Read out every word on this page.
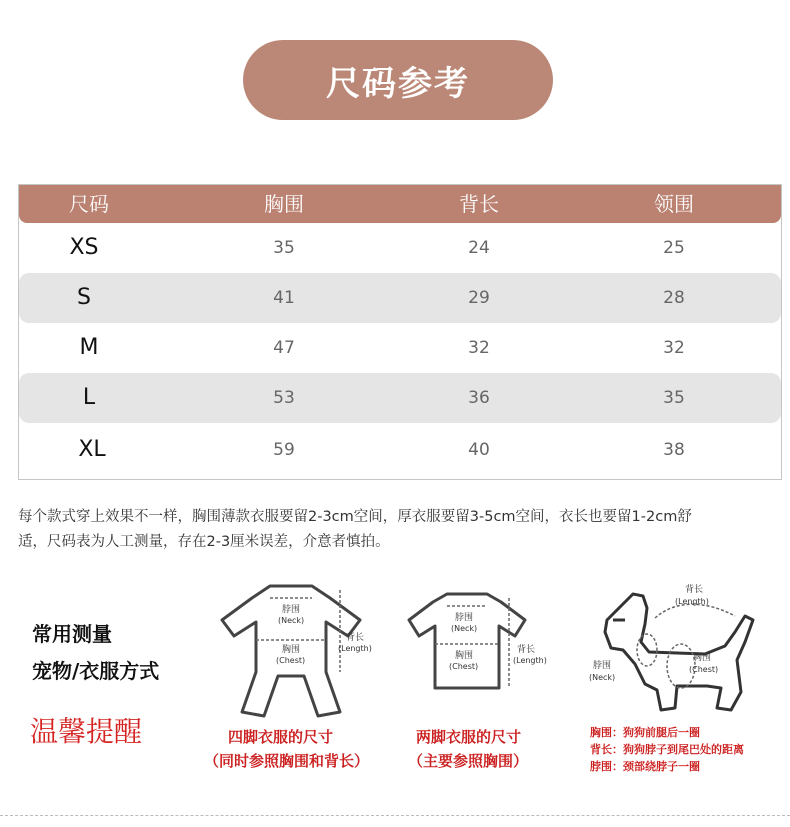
尺码参考
尺码	胸围	背长	领围
XS	35	24	25
S	41	29	28
M	47	32	32
L	53	36	35
XL	59	40	38
每个款式穿上效果不一样，胸围薄款衣服要留2-3cm空间，厚衣服要留3-5cm空间，衣长也要留1-2cm舒
适，尺码表为人工测量，存在2-3厘米误差，介意者慎拍。
常用测量
宠物/衣服方式
温馨提醒
脖围
(Neck)
胸围
(Chest)
背长
(Length)
四脚衣服的尺寸
（同时参照胸围和背长）
脖围
(Neck)
胸围
(Chest)
背长
(Length)
两脚衣服的尺寸
（主要参照胸围）
背长
(Length)
脖围
(Neck)
胸围
(Chest)
胸围：狗狗前腿后一圈
背长：狗狗脖子到尾巴处的距离
脖围：颈部绕脖子一圈
